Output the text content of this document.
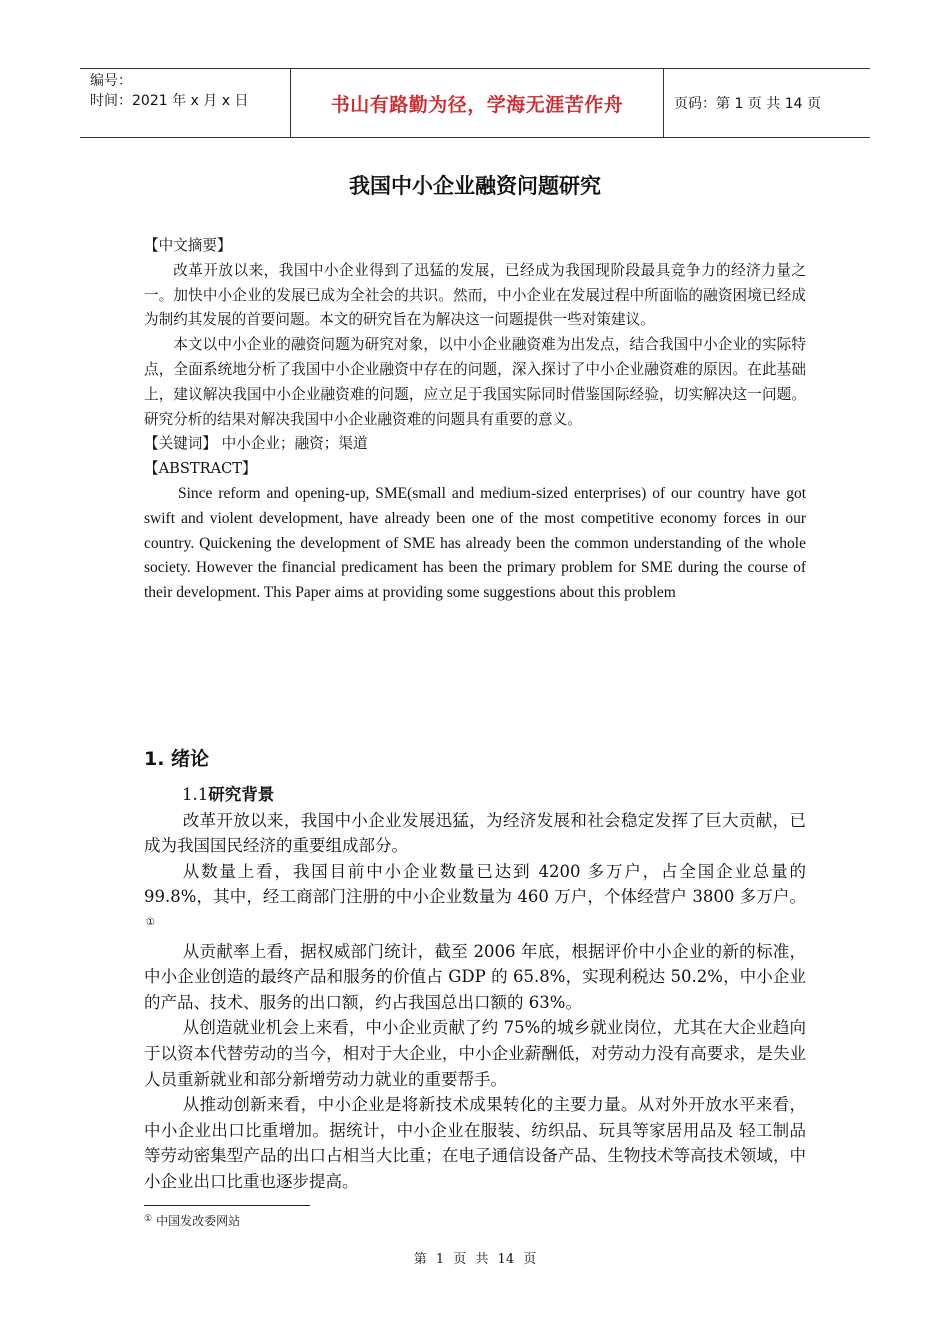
编号：
时间：2021 年 x 月 x 日	书山有路勤为径，学海无涯苦作舟	页码：第 1 页 共 14 页
我国中小企业融资问题研究

【中文摘要】

改革开放以来，我国中小企业得到了迅猛的发展，已经成为我国现阶段最具竞争力的经济力量之一。加快中小企业的发展已成为全社会的共识。然而，中小企业在发展过程中所面临的融资困境已经成为制约其发展的首要问题。本文的研究旨在为解决这一问题提供一些对策建议。

本文以中小企业的融资问题为研究对象，以中小企业融资难为出发点，结合我国中小企业的实际特点，全面系统地分析了我国中小企业融资中存在的问题，深入探讨了中小企业融资难的原因。在此基础上，建议解决我国中小企业融资难的问题，应立足于我国实际同时借鉴国际经验，切实解决这一问题。研究分析的结果对解决我国中小企业融资难的问题具有重要的意义。

【关键词】 中小企业；融资；渠道

【ABSTRACT】

Since reform and opening-up, SME(small and medium-sized enterprises) of our country have got swift and violent development, have already been one of the most competitive economy forces in our country. Quickening the development of SME has already been the common understanding of the whole society. However the financial predicament has been the primary problem for SME during the course of their development. This Paper aims at providing some suggestions about this problem

1. 绪论

1.1研究背景

改革开放以来，我国中小企业发展迅猛，为经济发展和社会稳定发挥了巨大贡献，已成为我国国民经济的重要组成部分。

从数量上看，我国目前中小企业数量已达到 4200 多万户，占全国企业总量的 99.8%，其中，经工商部门注册的中小企业数量为 460 万户，个体经营户 3800 多万户。①

从贡献率上看，据权威部门统计，截至 2006 年底，根据评价中小企业的新的标准，中小企业创造的最终产品和服务的价值占 GDP 的 65.8%，实现利税达 50.2%，中小企业的产品、技术、服务的出口额，约占我国总出口额的 63%。

从创造就业机会上来看，中小企业贡献了约 75%的城乡就业岗位，尤其在大企业趋向于以资本代替劳动的当今，相对于大企业，中小企业薪酬低，对劳动力没有高要求，是失业人员重新就业和部分新增劳动力就业的重要帮手。

从推动创新来看，中小企业是将新技术成果转化的主要力量。从对外开放水平来看，中小企业出口比重增加。据统计，中小企业在服装、纺织品、玩具等家居用品及 轻工制品等劳动密集型产品的出口占相当大比重；在电子通信设备产品、生物技术等高技术领域，中小企业出口比重也逐步提高。

① 中国发改委网站
第 1 页 共 14 页
